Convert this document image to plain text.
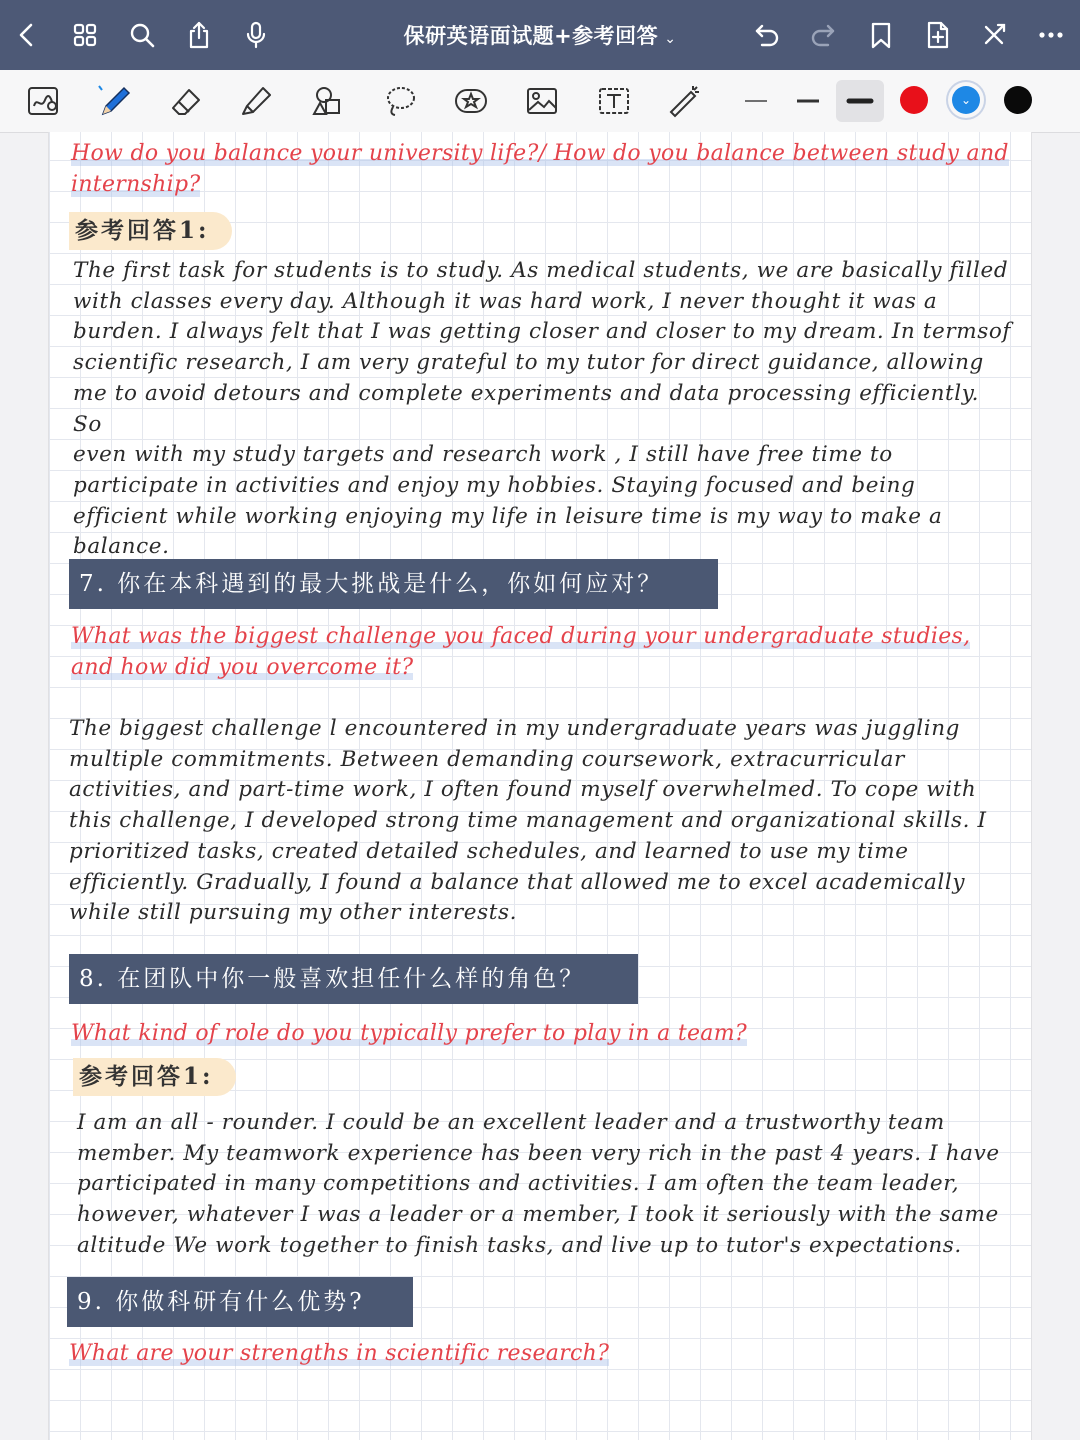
保研英语面试题+参考回答 ⌄
⌄
How do you balance your university life?/ How do you balance between study and
internship?
参考回答1:
The first task for students is to study. As medical students, we are basically filled
with classes every day. Although it was hard work, I never thought it was a
burden. I always felt that I was getting closer and closer to my dream. In termsof
scientific research, I am very grateful to my tutor for direct guidance, allowing
me to avoid detours and complete experiments and data processing efficiently. So
even with my study targets and research work , I still have free time to
participate in activities and enjoy my hobbies. Staying focused and being
efficient while working enjoying my life in leisure time is my way to make a
balance.
7. 你在本科遇到的最大挑战是什么，你如何应对？
What was the biggest challenge you faced during your undergraduate studies,
and how did you overcome it?
The biggest challenge l encountered in my undergraduate years was juggling
multiple commitments. Between demanding coursework, extracurricular
activities, and part-time work, I often found myself overwhelmed. To cope with
this challenge, I developed strong time management and organizational skills. I
prioritized tasks, created detailed schedules, and learned to use my time
efficiently. Gradually, I found a balance that allowed me to excel academically
while still pursuing my other interests.
8. 在团队中你一般喜欢担任什么样的角色？
What kind of role do you typically prefer to play in a team?
参考回答1:
I am an all - rounder. I could be an excellent leader and a trustworthy team
member. My teamwork experience has been very rich in the past 4 years. I have
participated in many competitions and activities. I am often the team leader,
however, whatever I was a leader or a member, I took it seriously with the same
altitude We work together to finish tasks, and live up to tutor's expectations.
9. 你做科研有什么优势?
What are your strengths in scientific research?
